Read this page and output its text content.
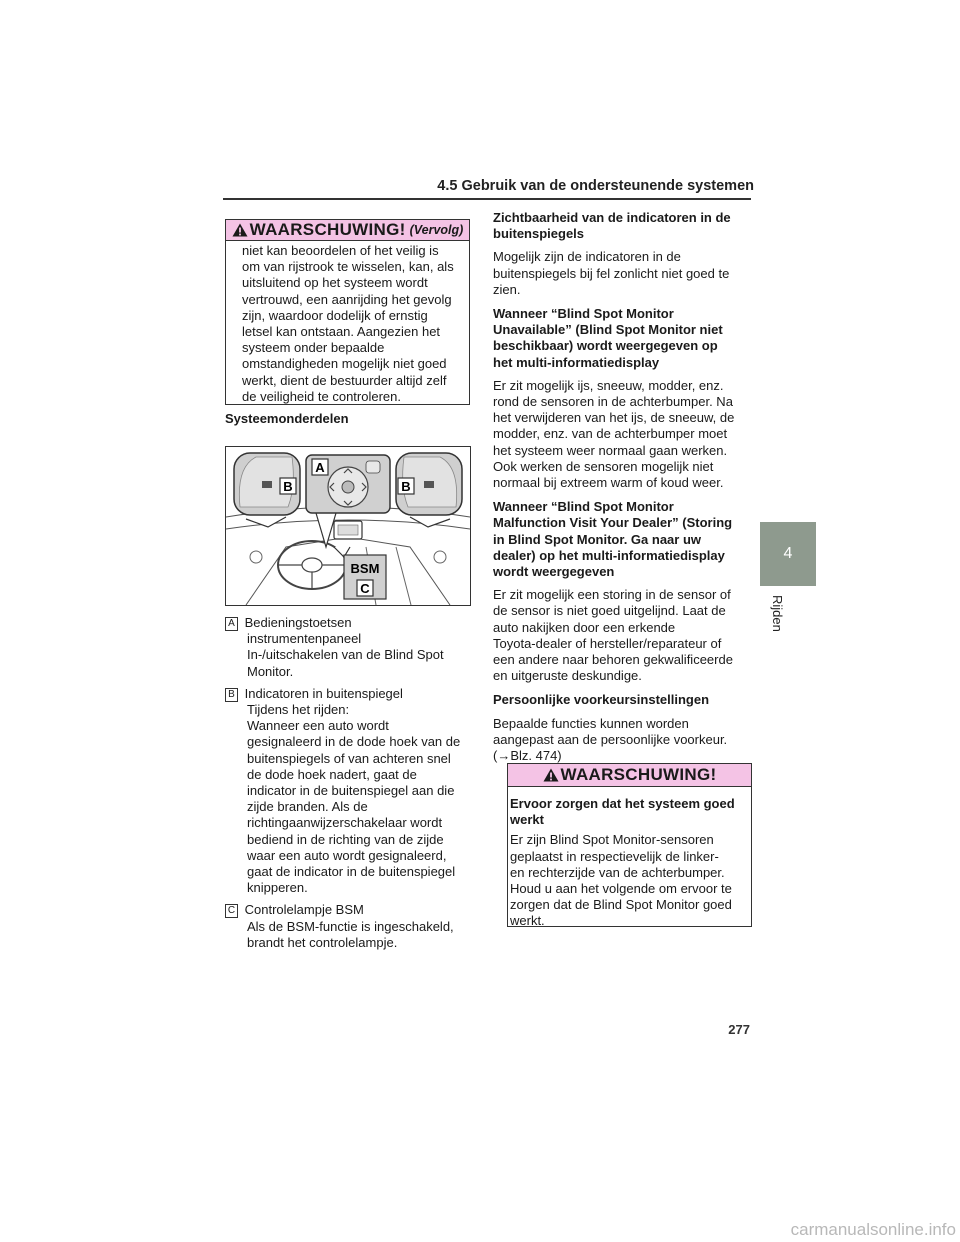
4.5 Gebruik van de ondersteunende systemen
4
Rijden
WAARSCHUWING! (Vervolg)
niet kan beoordelen of het veilig is
om van rijstrook te wisselen, kan, als
uitsluitend op het systeem wordt
vertrouwd, een aanrijding het gevolg
zijn, waardoor dodelijk of ernstig
letsel kan ontstaan. Aangezien het
systeem onder bepaalde
omstandigheden mogelijk niet goed
werkt, dient de bestuurder altijd zelf
de veiligheid te controleren.
Systeemonderdelen
A
B	B
BSM
C
A Bedieningstoetsen
instrumentenpaneel
In-/uitschakelen van de Blind Spot
Monitor.
B Indicatoren in buitenspiegel
Tijdens het rijden:
Wanneer een auto wordt
gesignaleerd in de dode hoek van de
buitenspiegels of van achteren snel
de dode hoek nadert, gaat de
indicator in de buitenspiegel aan die
zijde branden. Als de
richtingaanwijzerschakelaar wordt
bediend in de richting van de zijde
waar een auto wordt gesignaleerd,
gaat de indicator in de buitenspiegel
knipperen.
C Controlelampje BSM
Als de BSM-functie is ingeschakeld,
brandt het controlelampje.
Zichtbaarheid van de indicatoren in de
buitenspiegels
Mogelijk zijn de indicatoren in de
buitenspiegels bij fel zonlicht niet goed te
zien.
Wanneer “Blind Spot Monitor
Unavailable” (Blind Spot Monitor niet
beschikbaar) wordt weergegeven op
het multi-informatiedisplay
Er zit mogelijk ijs, sneeuw, modder, enz.
rond de sensoren in de achterbumper. Na
het verwijderen van het ijs, de sneeuw, de
modder, enz. van de achterbumper moet
het systeem weer normaal gaan werken.
Ook werken de sensoren mogelijk niet
normaal bij extreem warm of koud weer.
Wanneer “Blind Spot Monitor
Malfunction Visit Your Dealer” (Storing
in Blind Spot Monitor. Ga naar uw
dealer) op het multi-informatiedisplay
wordt weergegeven
Er zit mogelijk een storing in de sensor of
de sensor is niet goed uitgelijnd. Laat de
auto nakijken door een erkende
Toyota-dealer of hersteller/reparateur of
een andere naar behoren gekwalificeerde
en uitgeruste deskundige.
Persoonlijke voorkeursinstellingen
Bepaalde functies kunnen worden
aangepast aan de persoonlijke voorkeur.
(→Blz. 474)
WAARSCHUWING!
Ervoor zorgen dat het systeem goed
werkt
Er zijn Blind Spot Monitor-sensoren
geplaatst in respectievelijk de linker-
en rechterzijde van de achterbumper.
Houd u aan het volgende om ervoor te
zorgen dat de Blind Spot Monitor goed
werkt.
277
carmanualsonline.info
